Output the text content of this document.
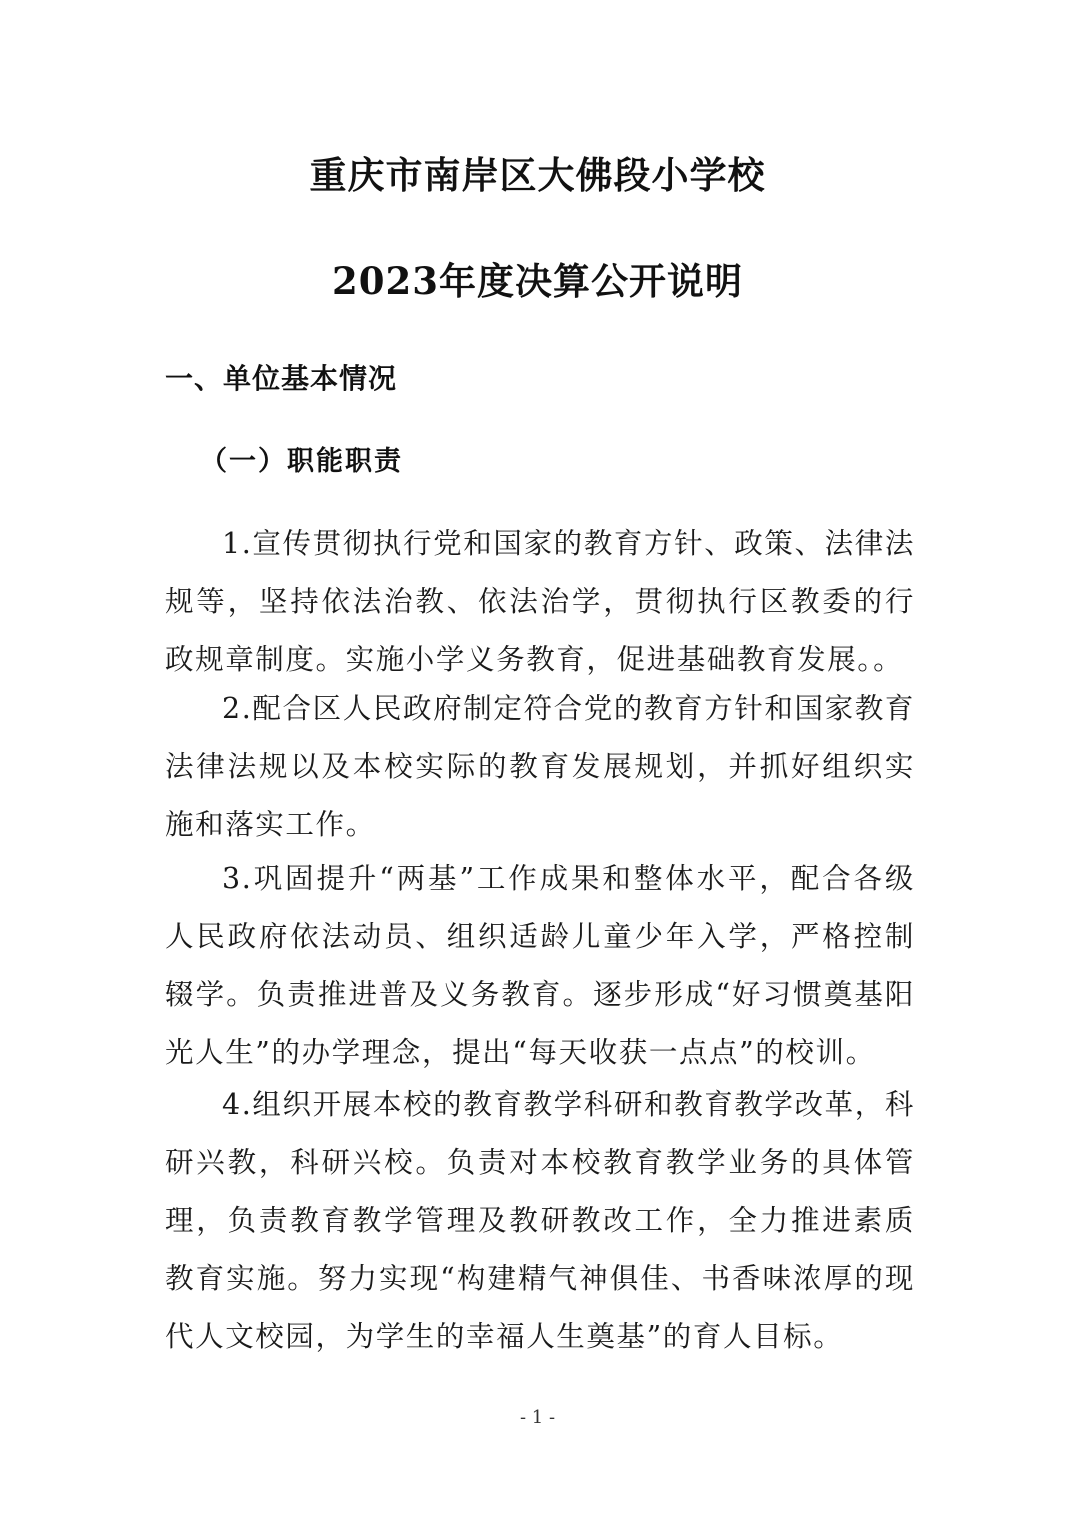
重庆市南岸区大佛段小学校
2023年度决算公开说明
一、单位基本情况
（一）职能职责

1.宣传贯彻执行党和国家的教育方针、政策、法律法规等，坚持依法治教、依法治学，贯彻执行区教委的行政规章制度。实施小学义务教育，促进基础教育发展。。

2.配合区人民政府制定符合党的教育方针和国家教育法律法规以及本校实际的教育发展规划，并抓好组织实施和落实工作。

3.巩固提升“两基”工作成果和整体水平，配合各级人民政府依法动员、组织适龄儿童少年入学，严格控制辍学。负责推进普及义务教育。逐步形成“好习惯奠基阳光人生”的办学理念，提出“每天收获一点点”的校训。

4.组织开展本校的教育教学科研和教育教学改革，科研兴教，科研兴校。负责对本校教育教学业务的具体管理，负责教育教学管理及教研教改工作，全力推进素质教育实施。努力实现“构建精气神俱佳、书香味浓厚的现代人文校园，为学生的幸福人生奠基”的育人目标。

- 1 -
